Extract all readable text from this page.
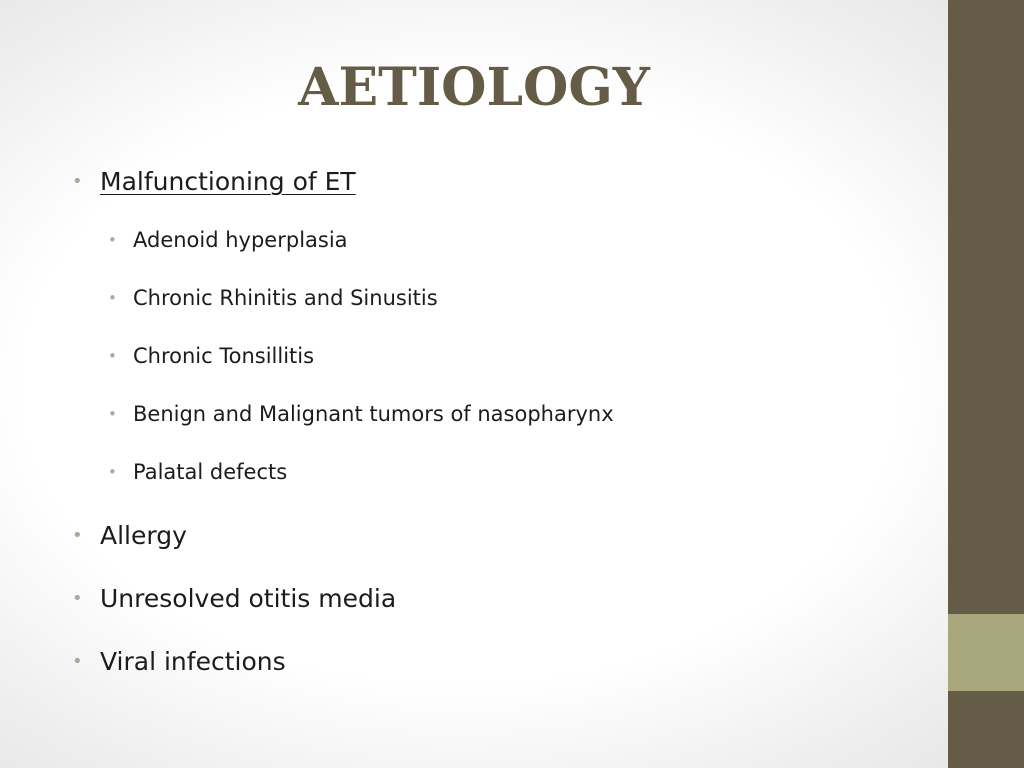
AETIOLOGY
• Malfunctioning of ET
• Adenoid hyperplasia
• Chronic Rhinitis and Sinusitis
• Chronic Tonsillitis
• Benign and Malignant tumors of nasopharynx
• Palatal defects
• Allergy
• Unresolved otitis media
• Viral infections
